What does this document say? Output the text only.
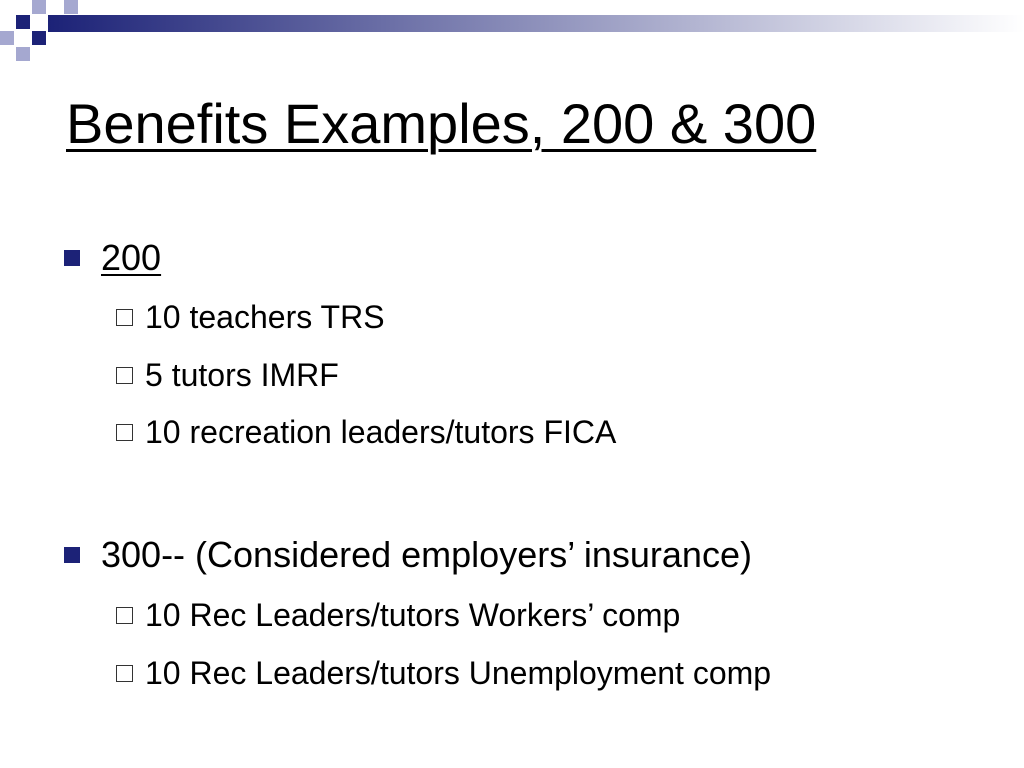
Benefits Examples, 200 & 300
200
10 teachers TRS
5 tutors IMRF
10 recreation leaders/tutors FICA
300-- (Considered employers’ insurance)
10 Rec Leaders/tutors Workers’ comp
10 Rec Leaders/tutors Unemployment comp
